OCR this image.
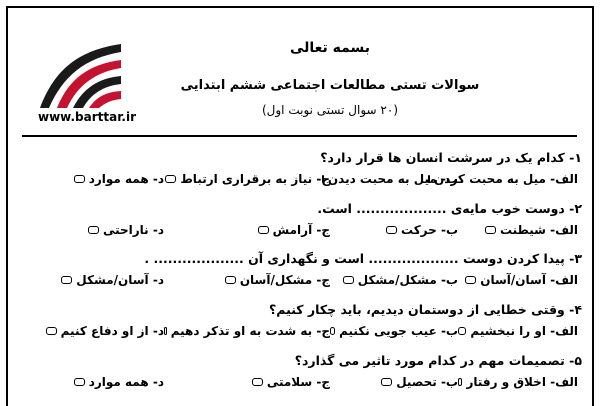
www.barttar.ir
بسمه تعالی
سوالات تستی مطالعات اجتماعی ششم ابتدایی
(۲۰ سوال تستی نوبت اول)
۱- کدام یک در سرشت انسان ها قرار دارد؟
الف- میل به محبت کردن
ب- میل به محبت دیدن
ج- نیاز به برقراری ارتباط
د- همه موارد
۲- دوست خوب مایه‌ی ................... است.
الف- شیطنت
ب- حرکت
ج- آرامش
د- ناراحتی
۳- پیدا کردن دوست ................... است و نگهداری آن ................... .
الف- آسان/آسان
ب- مشکل/مشکل
ج- مشکل/آسان
د- آسان/مشکل
۴- وقتی خطایی از دوستمان دیدیم، باید چکار کنیم؟
الف- او را نبخشیم
ب- عیب جویی نکنیم
ج- به شدت به او تذکر دهیم
د- از او دفاع کنیم
۵- تصمیمات مهم در کدام مورد تاثیر می گذارد؟
الف- اخلاق و رفتار
ب- تحصیل
ج- سلامتی
د- همه موارد
